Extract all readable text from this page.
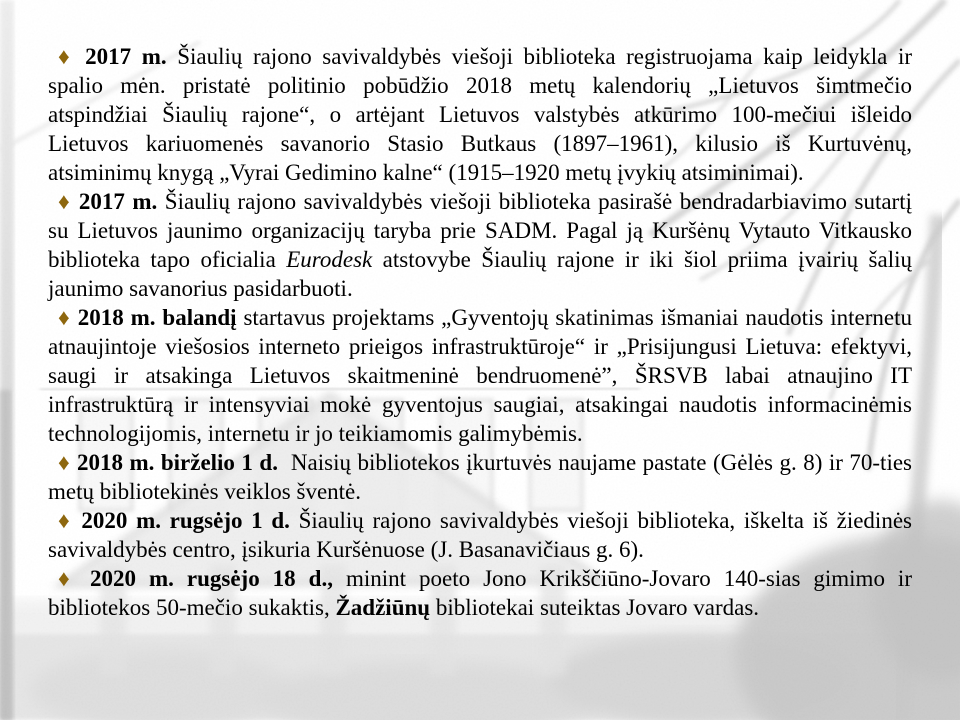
♦ 2017 m. Šiaulių rajono savivaldybės viešoji biblioteka registruojama kaip leidykla ir spalio mėn. pristatė politinio pobūdžio 2018 metų kalendorių „Lietuvos šimtmečio atspindžiai Šiaulių rajone“, o artėjant Lietuvos valstybės atkūrimo 100-mečiui išleido Lietuvos kariuomenės savanorio Stasio Butkaus (1897–1961), kilusio iš Kurtuvėnų, atsiminimų knygą „Vyrai Gedimino kalne“ (1915–1920 metų įvykių atsiminimai).

♦ 2017 m. Šiaulių rajono savivaldybės viešoji biblioteka pasirašė bendradarbiavimo sutartį su Lietuvos jaunimo organizacijų taryba prie SADM. Pagal ją Kuršėnų Vytauto Vitkausko biblioteka tapo oficialia Eurodesk atstovybe Šiaulių rajone ir iki šiol priima įvairių šalių jaunimo savanorius pasidarbuoti.

♦ 2018 m. balandį startavus projektams „Gyventojų skatinimas išmaniai naudotis internetu atnaujintoje viešosios interneto prieigos infrastruktūroje“ ir „Prisijungusi Lietuva: efektyvi, saugi ir atsakinga Lietuvos skaitmeninė bendruomenė”, ŠRSVB labai atnaujino IT infrastruktūrą ir intensyviai mokė gyventojus saugiai, atsakingai naudotis informacinėmis technologijomis, internetu ir jo teikiamomis galimybėmis.

♦ 2018 m. birželio 1 d.  Naisių bibliotekos įkurtuvės naujame pastate (Gėlės g. 8) ir 70-ties metų bibliotekinės veiklos šventė.

♦ 2020 m. rugsėjo 1 d. Šiaulių rajono savivaldybės viešoji biblioteka, iškelta iš žiedinės savivaldybės centro, įsikuria Kuršėnuose (J. Basanavičiaus g. 6).

♦ 2020 m. rugsėjo 18 d., minint poeto Jono Krikščiūno-Jovaro 140-sias gimimo ir bibliotekos 50-mečio sukaktis, Žadžiūnų bibliotekai suteiktas Jovaro vardas.
